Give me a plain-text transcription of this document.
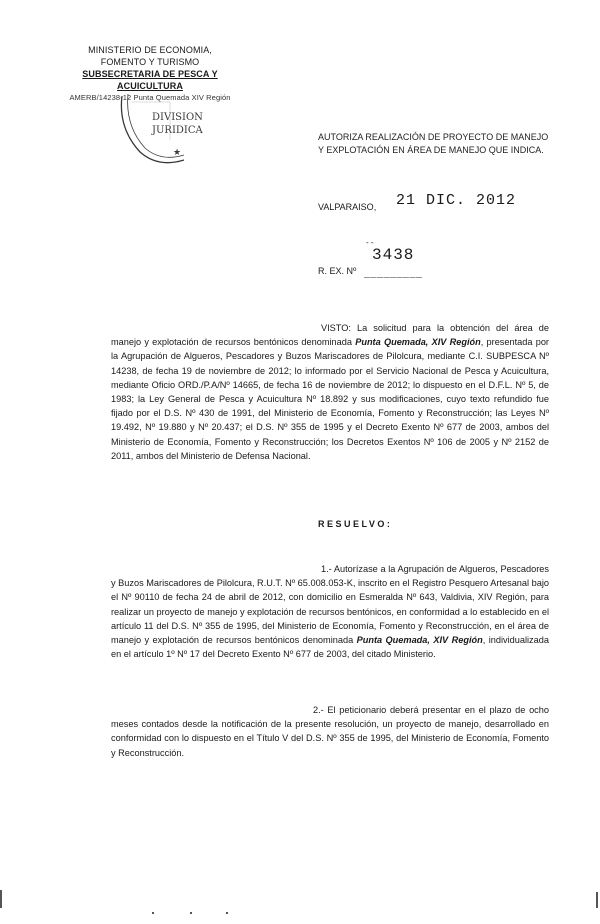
MINISTERIO DE ECONOMIA,
FOMENTO Y TURISMO
SUBSECRETARIA DE PESCA Y ACUICULTURA
AMERB/14238-12 Punta Quemada XIV Región
★
DIVISION
JURIDICA
AUTORIZA REALIZACIÓN DE PROYECTO DE MANEJO
Y EXPLOTACIÓN EN ÁREA DE MANEJO QUE INDICA.
VALPARAISO, 21 DIC. 2012
- -
R. EX. Nº
3438
_________
VISTO: La solicitud para la obtención del área de manejo y explotación de recursos bentónicos denominada Punta Quemada, XIV Región, presentada por la Agrupación de Algueros, Pescadores y Buzos Mariscadores de Pilolcura, mediante C.I. SUBPESCA Nº 14238, de fecha 19 de noviembre de 2012; lo informado por el Servicio Nacional de Pesca y Acuicultura, mediante Oficio ORD./P.A/Nº 14665, de fecha 16 de noviembre de 2012; lo dispuesto en el D.F.L. Nº 5, de 1983; la Ley General de Pesca y Acuicultura Nº 18.892 y sus modificaciones, cuyo texto refundido fue fijado por el D.S. Nº 430 de 1991, del Ministerio de Economía, Fomento y Reconstrucción; las Leyes Nº 19.492, Nº 19.880 y Nº 20.437; el D.S. Nº 355 de 1995 y el Decreto Exento Nº 677 de 2003, ambos del Ministerio de Economía, Fomento y Reconstrucción; los Decretos Exentos Nº 106 de 2005 y Nº 2152 de 2011, ambos del Ministerio de Defensa Nacional.
RESUELVO:
1.- Autorízase a la Agrupación de Algueros, Pescadores y Buzos Mariscadores de Pilolcura, R.U.T. Nº 65.008.053-K, inscrito en el Registro Pesquero Artesanal bajo el Nº 90110 de fecha 24 de abril de 2012, con domicilio en Esmeralda Nº 643, Valdivia, XIV Región, para realizar un proyecto de manejo y explotación de recursos bentónicos, en conformidad a lo establecido en el artículo 11 del D.S. Nº 355 de 1995, del Ministerio de Economía, Fomento y Reconstrucción, en el área de manejo y explotación de recursos bentónicos denominada Punta Quemada, XIV Región, individualizada en el artículo 1º Nº 17 del Decreto Exento Nº 677 de 2003, del citado Ministerio.
2.- El peticionario deberá presentar en el plazo de ocho meses contados desde la notificación de la presente resolución, un proyecto de manejo, desarrollado en conformidad con lo dispuesto en el Título V del D.S. Nº 355 de 1995, del Ministerio de Economía, Fomento y Reconstrucción.
